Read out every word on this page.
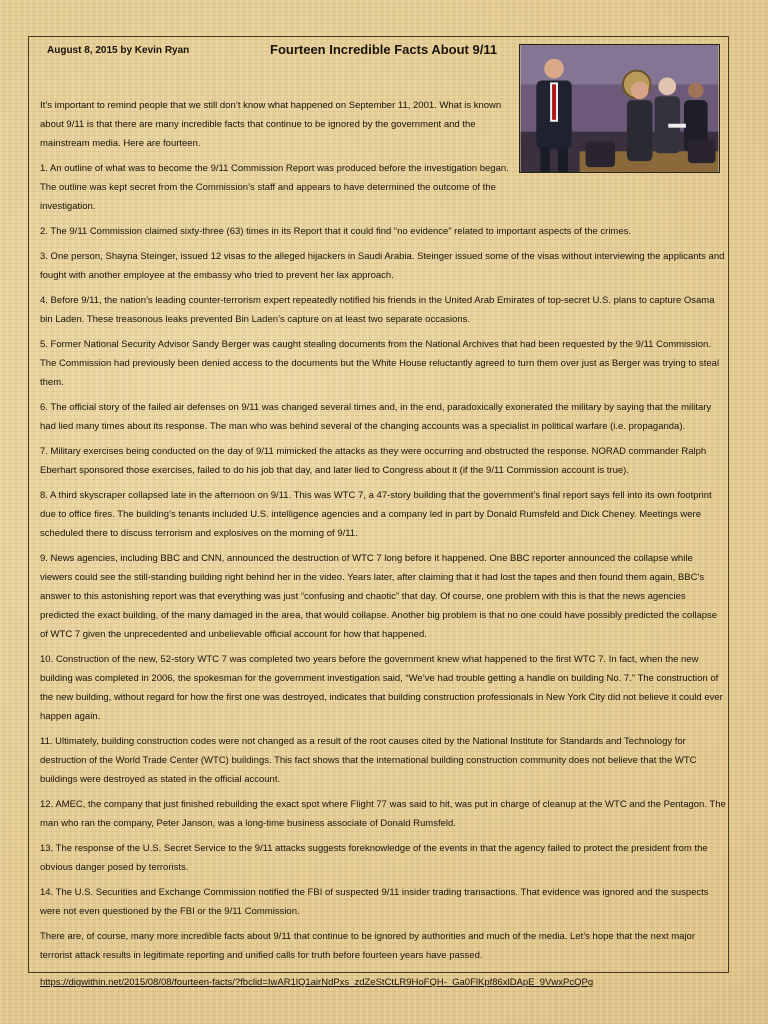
August 8, 2015 by Kevin Ryan	Fourteen Incredible Facts About 9/11

It’s important to remind people that we still don’t know what happened on September 11, 2001. What is known about 9/11 is that there are many incredible facts that continue to be ignored by the government and the mainstream media. Here are fourteen.

1. An outline of what was to become the 9/11 Commission Report was produced before the investigation began. The outline was kept secret from the Commission’s staff and appears to have determined the outcome of the investigation.

2. The 9/11 Commission claimed sixty-three (63) times in its Report that it could find “no evidence” related to important aspects of the crimes.

3. One person, Shayna Steinger, issued 12 visas to the alleged hijackers in Saudi Arabia. Steinger issued some of the visas without interviewing the applicants and fought with another employee at the embassy who tried to prevent her lax approach.

4. Before 9/11, the nation’s leading counter-terrorism expert repeatedly notified his friends in the United Arab Emirates of top-secret U.S. plans to capture Osama bin Laden. These treasonous leaks prevented Bin Laden’s capture on at least two separate occasions.

5. Former National Security Advisor Sandy Berger was caught stealing documents from the National Archives that had been requested by the 9/11 Commission. The Commission had previously been denied access to the documents but the White House reluctantly agreed to turn them over just as Berger was trying to steal them.

6. The official story of the failed air defenses on 9/11 was changed several times and, in the end, paradoxically exonerated the military by saying that the military had lied many times about its response. The man who was behind several of the changing accounts was a specialist in political warfare (i.e. propaganda).

7. Military exercises being conducted on the day of 9/11 mimicked the attacks as they were occurring and obstructed the response. NORAD commander Ralph Eberhart sponsored those exercises, failed to do his job that day, and later lied to Congress about it (if the 9/11 Commission account is true).

8. A third skyscraper collapsed late in the afternoon on 9/11. This was WTC 7, a 47-story building that the government’s final report says fell into its own footprint due to office fires. The building’s tenants included U.S. intelligence agencies and a company led in part by Donald Rumsfeld and Dick Cheney. Meetings were scheduled there to discuss terrorism and explosives on the morning of 9/11.

9. News agencies, including BBC and CNN, announced the destruction of WTC 7 long before it happened. One BBC reporter announced the collapse while viewers could see the still-standing building right behind her in the video. Years later, after claiming that it had lost the tapes and then found them again, BBC’s answer to this astonishing report was that everything was just “confusing and chaotic” that day. Of course, one problem with this is that the news agencies predicted the exact building, of the many damaged in the area, that would collapse. Another big problem is that no one could have possibly predicted the collapse of WTC 7 given the unprecedented and unbelievable official account for how that happened.

10. Construction of the new, 52-story WTC 7 was completed two years before the government knew what happened to the first WTC 7. In fact, when the new building was completed in 2006, the spokesman for the government investigation said, “We’ve had trouble getting a handle on building No. 7.” The construction of the new building, without regard for how the first one was destroyed, indicates that building construction professionals in New York City did not believe it could ever happen again.

11. Ultimately, building construction codes were not changed as a result of the root causes cited by the National Institute for Standards and Technology for destruction of the World Trade Center (WTC) buildings. This fact shows that the international building construction community does not believe that the WTC buildings were destroyed as stated in the official account.

12. AMEC, the company that just finished rebuilding the exact spot where Flight 77 was said to hit, was put in charge of cleanup at the WTC and the Pentagon. The man who ran the company, Peter Janson, was a long-time business associate of Donald Rumsfeld.

13. The response of the U.S. Secret Service to the 9/11 attacks suggests foreknowledge of the events in that the agency failed to protect the president from the obvious danger posed by terrorists.

14. The U.S. Securities and Exchange Commission notified the FBI of suspected 9/11 insider trading transactions. That evidence was ignored and the suspects were not even questioned by the FBI or the 9/11 Commission.

There are, of course, many more incredible facts about 9/11 that continue to be ignored by authorities and much of the media. Let’s hope that the next major terrorist attack results in legitimate reporting and unified calls for truth before fourteen years have passed.

https://digwithin.net/2015/08/08/fourteen-facts/?fbclid=IwAR1lQ1airNdPxs_zdZeStCtLR9HoFQH-_Ga0FlKpf86xlDApE_9VwxPcQPg
